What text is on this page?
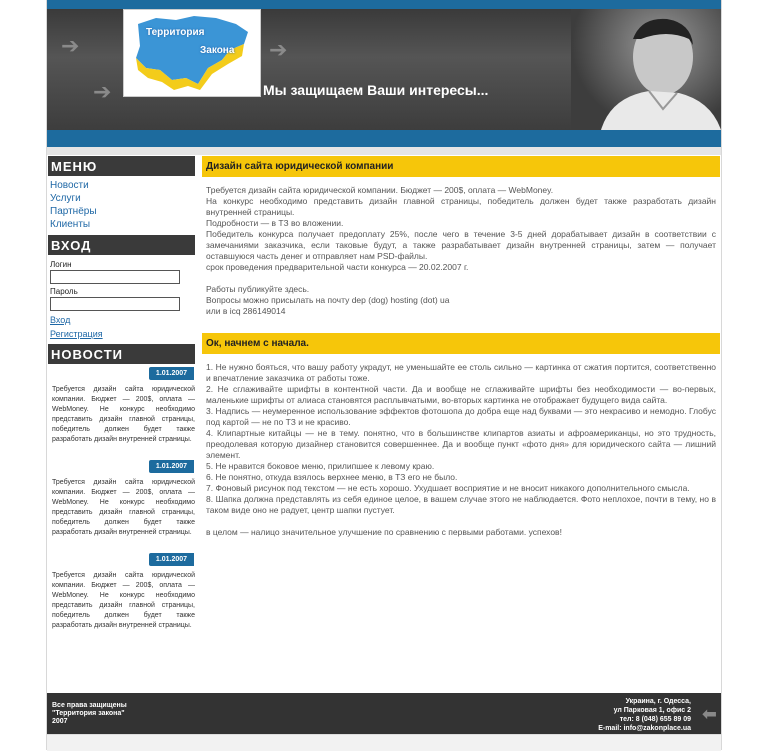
➔
➔
➔
Территория
Закона
Мы защищаем Ваши интересы...
МЕНЮ
Новости
Услуги
Партнёры
Клиенты
ВХОД
Логин
Пароль
Вход
Регистрация
НОВОСТИ
1.01.2007
Требуется дизайн сайта юридической компании. Бюджет — 200$, оплата — WebMoney. Не конкурс необходимо представить дизайн главной страницы, победитель должен будет также разработать дизайн внутренней страницы.
1.01.2007
Требуется дизайн сайта юридической компании. Бюджет — 200$, оплата — WebMoney. Не конкурс необходимо представить дизайн главной страницы, победитель должен будет также разработать дизайн внутренней страницы.
1.01.2007
Требуется дизайн сайта юридической компании. Бюджет — 200$, оплата — WebMoney. Не конкурс необходимо представить дизайн главной страницы, победитель должен будет также разработать дизайн внутренней страницы.
Дизайн сайта юридической компании

Требуется дизайн сайта юридической компании. Бюджет — 200$, оплата — WebMoney.

На конкурс необходимо представить дизайн главной страницы, победитель должен будет также разработать дизайн внутренней страницы.

Подробности — в ТЗ во вложении.

Победитель конкурса получает предоплату 25%, после чего в течение 3-5 дней дорабатывает дизайн в соответствии с замечаниями заказчика, если таковые будут, а также разрабатывает дизайн внутренней страницы, затем — получает оставшуюся часть денег и отправляет нам PSD-файлы.

срок проведения предварительной части конкурса — 20.02.2007 г.

Работы публикуйте здесь.

Вопросы можно присылать на почту dep (dog) hosting (dot) ua

или в icq 286149014

Ок, начнем с начала.

1. Не нужно бояться, что вашу работу украдут, не уменьшайте ее столь сильно — картинка от сжатия портится, соответственно и впечатление заказчика от работы тоже.

2. Не сглаживайте шрифты в контентной части. Да и вообще не сглаживайте шрифты без необходимости — во-первых, маленькие шрифты от алиаса становятся расплывчатыми, во-вторых картинка не отображает будущего вида сайта.

3. Надпись — неумеренное использование эффектов фотошопа до добра еще над буквами — это некрасиво и немодно. Глобус под картой — не по ТЗ и не красиво.

4. Клипартные китайцы — не в тему. понятно, что в большинстве клипартов азиаты и афроамериканцы, но это трудность, преодолевая которую дизайнер становится совершеннее. Да и вообще пункт «фото дня» для юридического сайта — лишний элемент.

5. Не нравится боковое меню, прилипшее к левому краю.

6. Не понятно, откуда взялось верхнее меню, в ТЗ его не было.

7. Фоновый рисунок под текстом — не есть хорошо. Ухудшает восприятие и не вносит никакого дополнительного смысла.

8. Шапка должна представлять из себя единое целое, в вашем случае этого не наблюдается. Фото неплохое, почти в тему, но в таком виде оно не радует, центр шапки пустует.

в целом — налицо значительное улучшение по сравнению с первыми работами. успехов!

Все права защищены
"Территория закона"
2007
Украина, г. Одесса,
ул Парковая 1, офис 2
тел: 8 (048) 655 89 09
E-mail: info@zakonplace.ua
⬅
